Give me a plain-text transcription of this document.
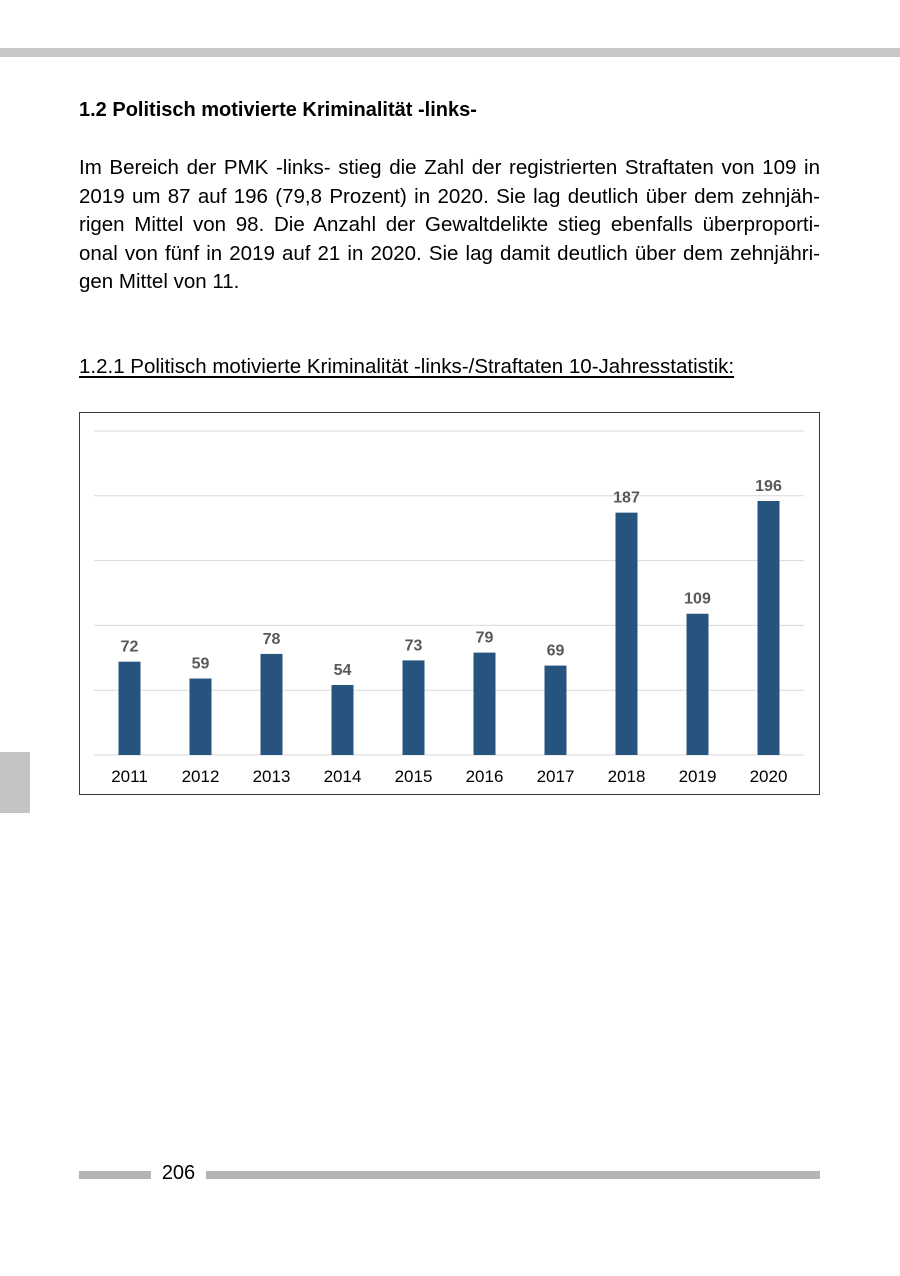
1.2 Politisch motivierte Kriminalität -links-

Im Bereich der PMK -links- stieg die Zahl der registrierten Straftaten von 109 in
2019 um 87 auf 196 (79,8 Prozent) in 2020. Sie lag deutlich über dem zehnjäh-
rigen Mittel von 98. Die Anzahl der Gewaltdelikte stieg ebenfalls überproporti-
onal von fünf in 2019 auf 21 in 2020. Sie lag damit deutlich über dem zehnjähri-
gen Mittel von 11.

1.2.1 Politisch motivierte Kriminalität -links-/Straftaten 10-Jahresstatistik:
72
2011
59
2012
78
2013
54
2014
73
2015
79
2016
69
2017
187
2018
109
2019
196
2020
206
